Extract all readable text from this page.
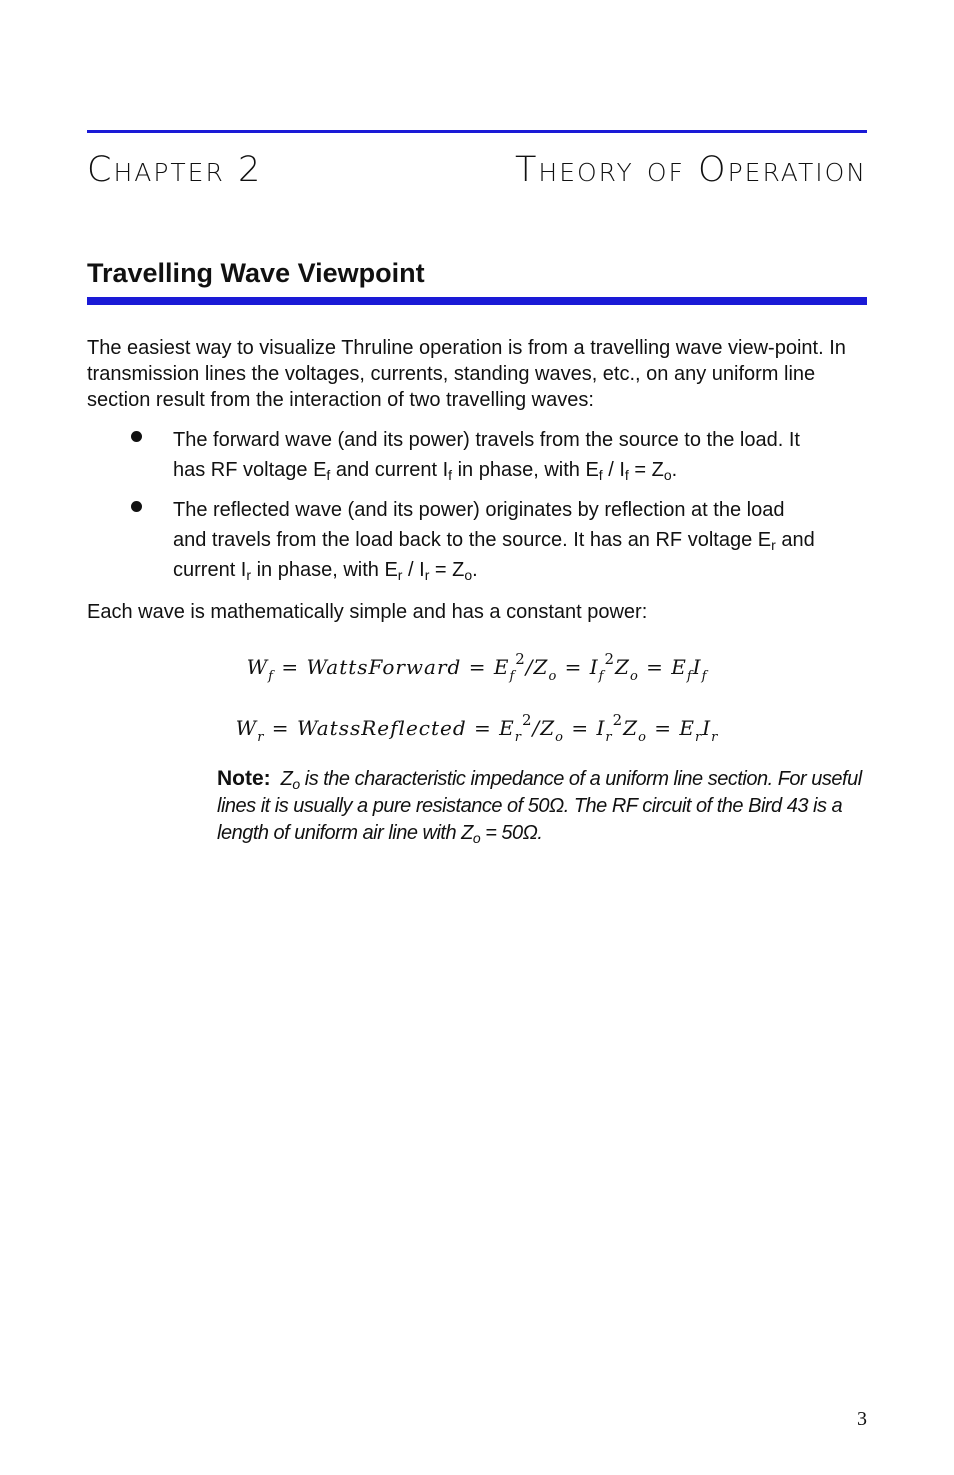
Chapter 2	Theory of Operation
Travelling Wave Viewpoint

The easiest way to visualize Thruline operation is from a travelling wave view-point. In transmission lines the voltages, currents, standing waves, etc., on any uniform line section result from the interaction of two travelling waves:

The forward wave (and its power) travels from the source to the load. It
has RF voltage $E_f$ and current $I_f$ in phase, with $E_f / I_f = Z_o$.
The reflected wave (and its power) originates by reflection at the load
and travels from the load back to the source. It has an RF voltage $E_r$ and
current $I_r$ in phase, with $E_r / I_r = Z_o$.

Each wave is mathematically simple and has a constant power:

$W_f$ = WattsForward = $E_f^2/Z_o = I_f^2Z_o = E_fI_f$
$W_r$ = WatssReflected = $E_r^2/Z_o = I_r^2Z_o = E_rI_r$
Note: $Z_o$ is the characteristic impedance of a uniform line section. For useful lines it is usually a pure resistance of 50Ω. The RF circuit of the Bird 43 is a length of uniform air line with $Z_o = 50\Omega$.
3
